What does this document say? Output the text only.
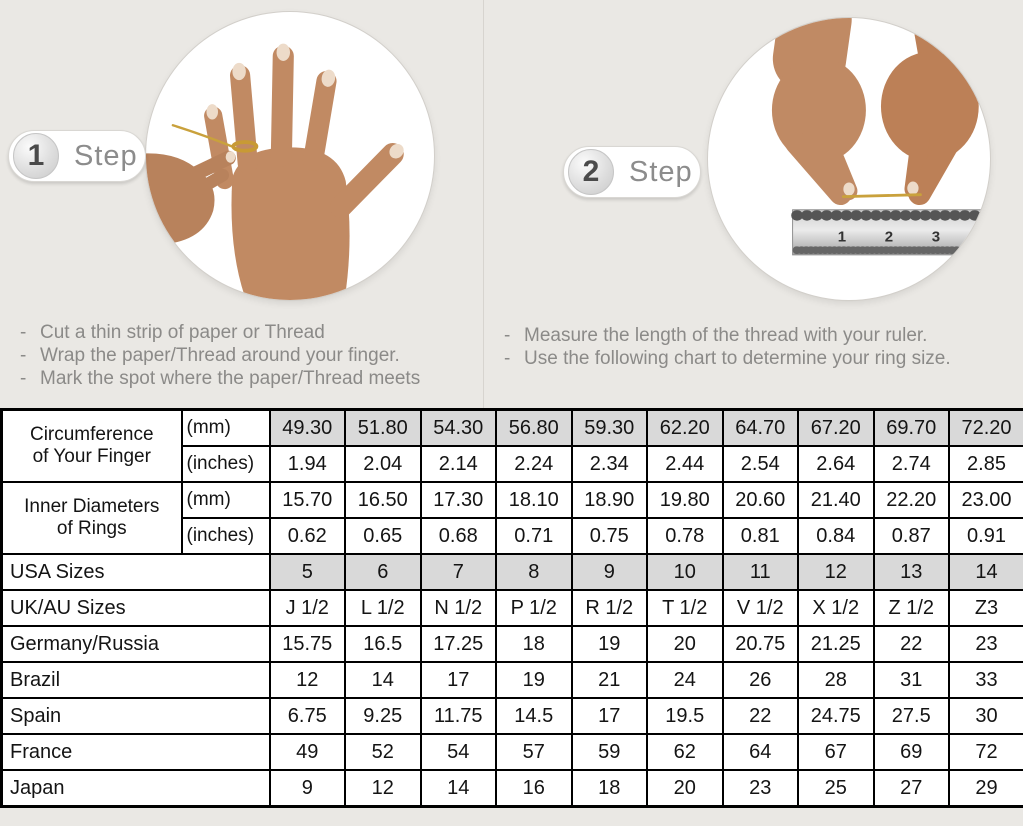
1 2 3
1	Step	2	Step
- Cut a thin strip of paper or Thread
- Wrap the paper/Thread around your finger.
- Mark the spot where the paper/Thread meets
- Measure the length of the thread with your ruler.
- Use the following chart to determine your ring size.
Circumference
of Your Finger	(mm)	49.30	51.80	54.30	56.80	59.30	62.20	64.70	67.20	69.70	72.20
	(inches)	1.94	2.04	2.14	2.24	2.34	2.44	2.54	2.64	2.74	2.85

Inner Diameters
of Rings	(mm)	15.70	16.50	17.30	18.10	18.90	19.80	20.60	21.40	22.20	23.00
	(inches)	0.62	0.65	0.68	0.71	0.75	0.78	0.81	0.84	0.87	0.91
USA Sizes		5	6	7	8	9	10	11	12	13	14
UK/AU Sizes		J 1/2	L 1/2	N 1/2	P 1/2	R 1/2	T 1/2	V 1/2	X 1/2	Z 1/2	Z3
Germany/Russia		15.75	16.5	17.25	18	19	20	20.75	21.25	22	23
Brazil		12	14	17	19	21	24	26	28	31	33
Spain		6.75	9.25	11.75	14.5	17	19.5	22	24.75	27.5	30
France		49	52	54	57	59	62	64	67	69	72
Japan		9	12	14	16	18	20	23	25	27	29
